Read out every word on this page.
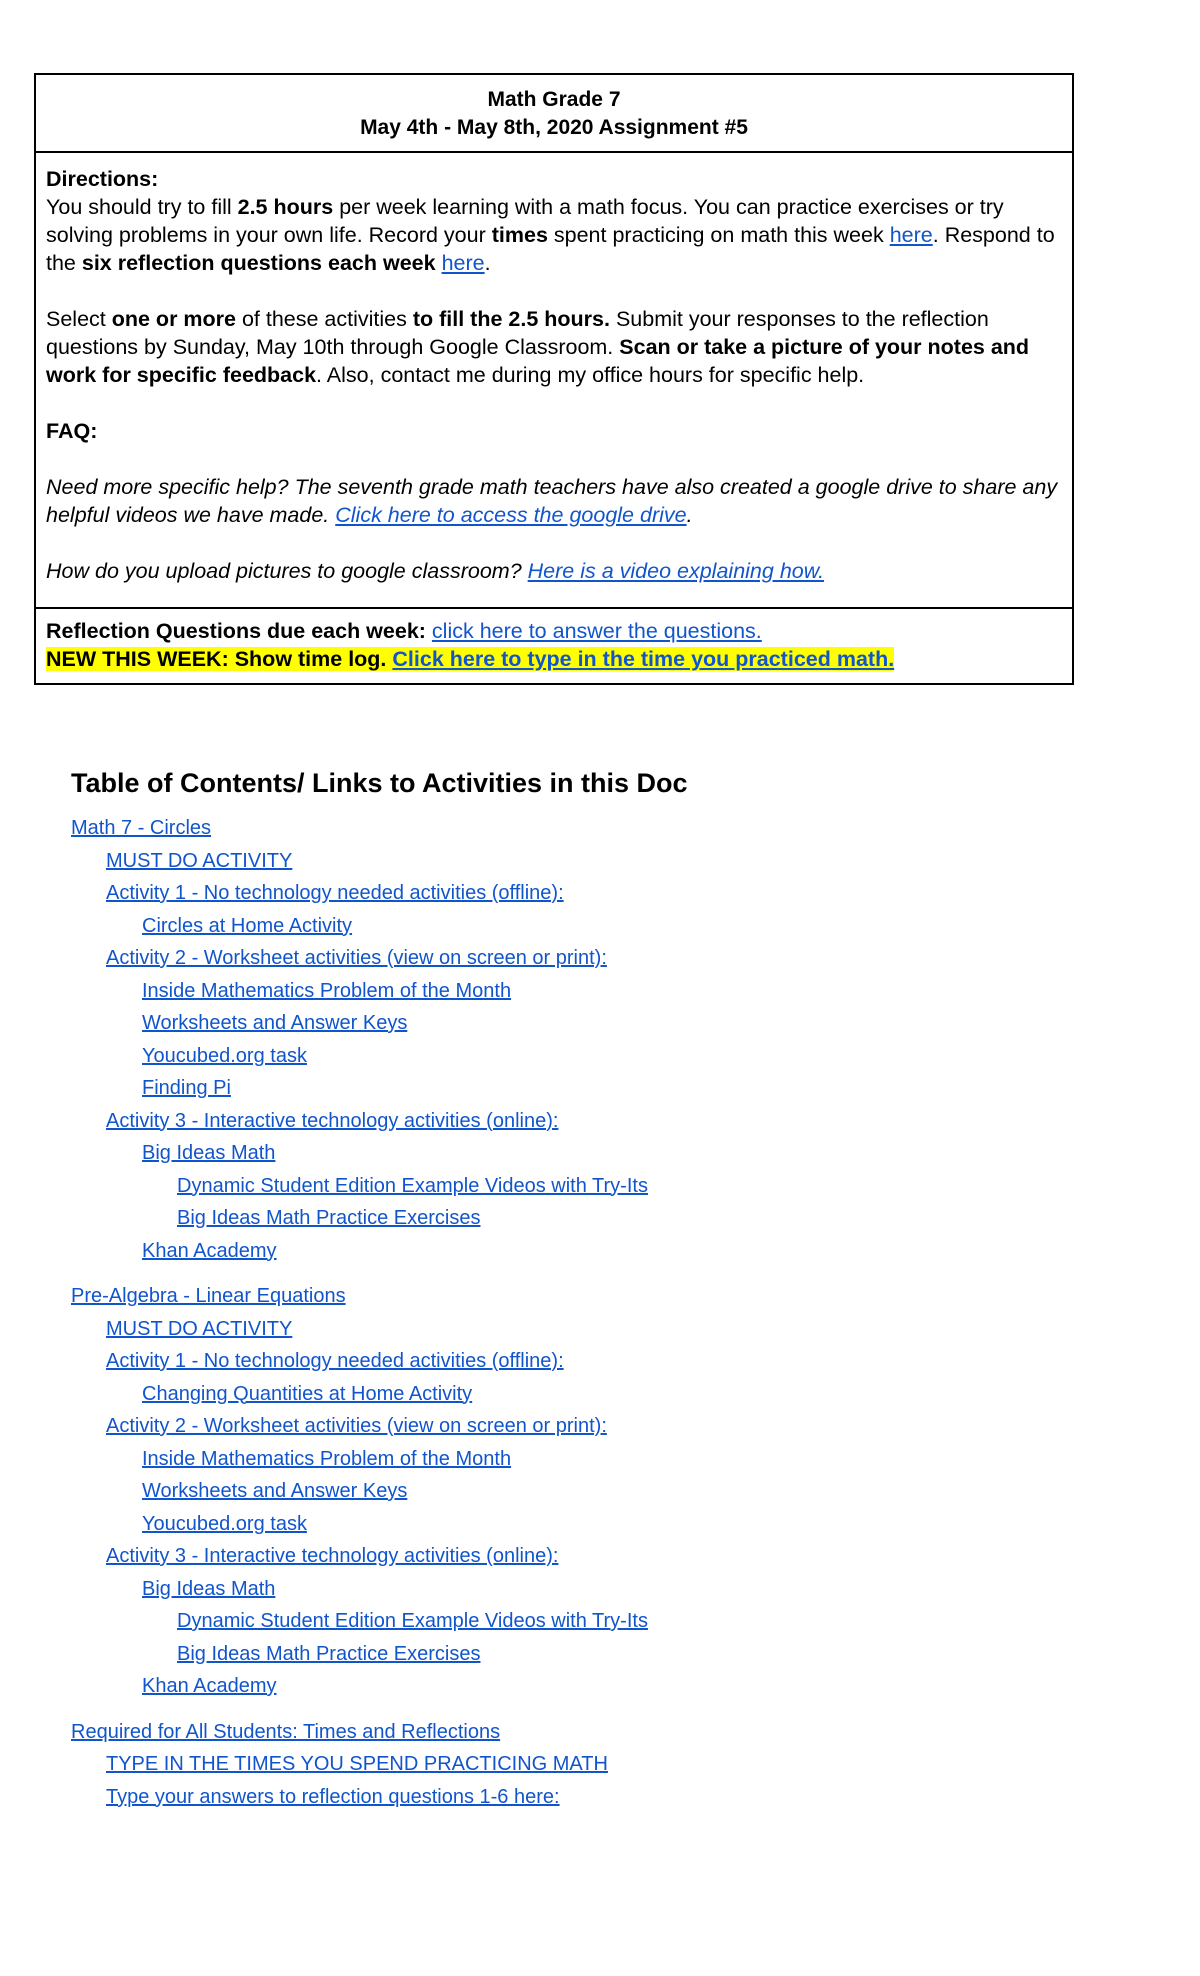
Math Grade 7
May 4th - May 8th, 2020 Assignment #5

Directions:

You should try to fill 2.5 hours per week learning with a math focus. You can practice exercises or try solving problems in your own life. Record your times spent practicing on math this week here. Respond to the six reflection questions each week here.

Select one or more of these activities to fill the 2.5 hours. Submit your responses to the reflection questions by Sunday, May 10th through Google Classroom. Scan or take a picture of your notes and work for specific feedback. Also, contact me during my office hours for specific help.

FAQ:

Need more specific help? The seventh grade math teachers have also created a google drive to share any helpful videos we have made. Click here to access the google drive.

How do you upload pictures to google classroom? Here is a video explaining how.

Reflection Questions due each week: click here to answer the questions.

NEW THIS WEEK: Show time log. Click here to type in the time you practiced math.

Table of Contents/ Links to Activities in this Doc
Math 7 - Circles
MUST DO ACTIVITY
Activity 1 - No technology needed activities (offline):
Circles at Home Activity
Activity 2 - Worksheet activities (view on screen or print):
Inside Mathematics Problem of the Month
Worksheets and Answer Keys
Youcubed.org task
Finding Pi
Activity 3 - Interactive technology activities (online):
Big Ideas Math
Dynamic Student Edition Example Videos with Try-Its
Big Ideas Math Practice Exercises
Khan Academy
Pre-Algebra - Linear Equations
MUST DO ACTIVITY
Activity 1 - No technology needed activities (offline):
Changing Quantities at Home Activity
Activity 2 - Worksheet activities (view on screen or print):
Inside Mathematics Problem of the Month
Worksheets and Answer Keys
Youcubed.org task
Activity 3 - Interactive technology activities (online):
Big Ideas Math
Dynamic Student Edition Example Videos with Try-Its
Big Ideas Math Practice Exercises
Khan Academy
Required for All Students: Times and Reflections
TYPE IN THE TIMES YOU SPEND PRACTICING MATH
Type your answers to reflection questions 1-6 here:
